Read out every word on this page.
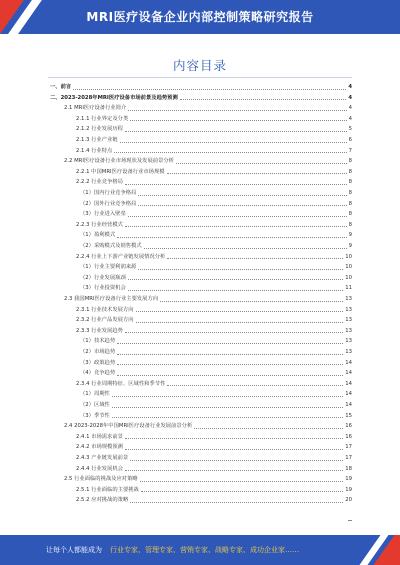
MRI医疗设备企业内部控制策略研究报告
内容目录
一、前言	4
二、2023-2028年MRI医疗设备市场前景及趋势预测	4
2.1 MRI医疗设备行业简介	4
2.1.1 行业界定及分类	4
2.1.2 行业发展历程	5
2.1.3 行业产业链	6
2.1.4 行业特点	7
2.2 MRI医疗设备行业市场现状及发展前景分析	8
2.2.1 中国MRI医疗设备行业市场规模	8
2.2.2 行业竞争格局	8
（1）国内行业竞争格局	8
（2）国外行业竞争格局	8
（3）行业进入壁垒	8
2.2.3 行业经营模式	8
（1）盈利模式	9
（2）采购模式及销售模式	9
2.2.4 行业上下游产业链发展情况分析	10
（1）行业主要利润来源	10
（2）行业发展瓶颈	10
（3）行业投资机会	11
2.3 我国MRI医疗设备行业主要发展方向	13
2.3.1 行业技术发展方向	13
2.3.2 行业产品发展方向	13
2.3.3 行业发展趋势	13
（1）技术趋势	13
（2）市场趋势	13
（3）政策趋势	14
（4）竞争趋势	14
2.3.4 行业周期特征、区域性和季节性	14
（1）周期性	14
（2）区域性	14
（3）季节性	15
2.4 2023-2028年中国MRI医疗设备行业发展前景分析	16
2.4.1 市场需求前景	16
2.4.2 市场规模预测	17
2.4.3 产业链发展前景	17
2.4.4 行业发展机会	18
2.5 行业面临的挑战及应对策略	19
2.5.1 行业面临的主要挑战	19
2.5.2 应对挑战的策略	20
让每个人都能成为 行业专家、管理专家、营销专家、战略专家、成功企业家……
